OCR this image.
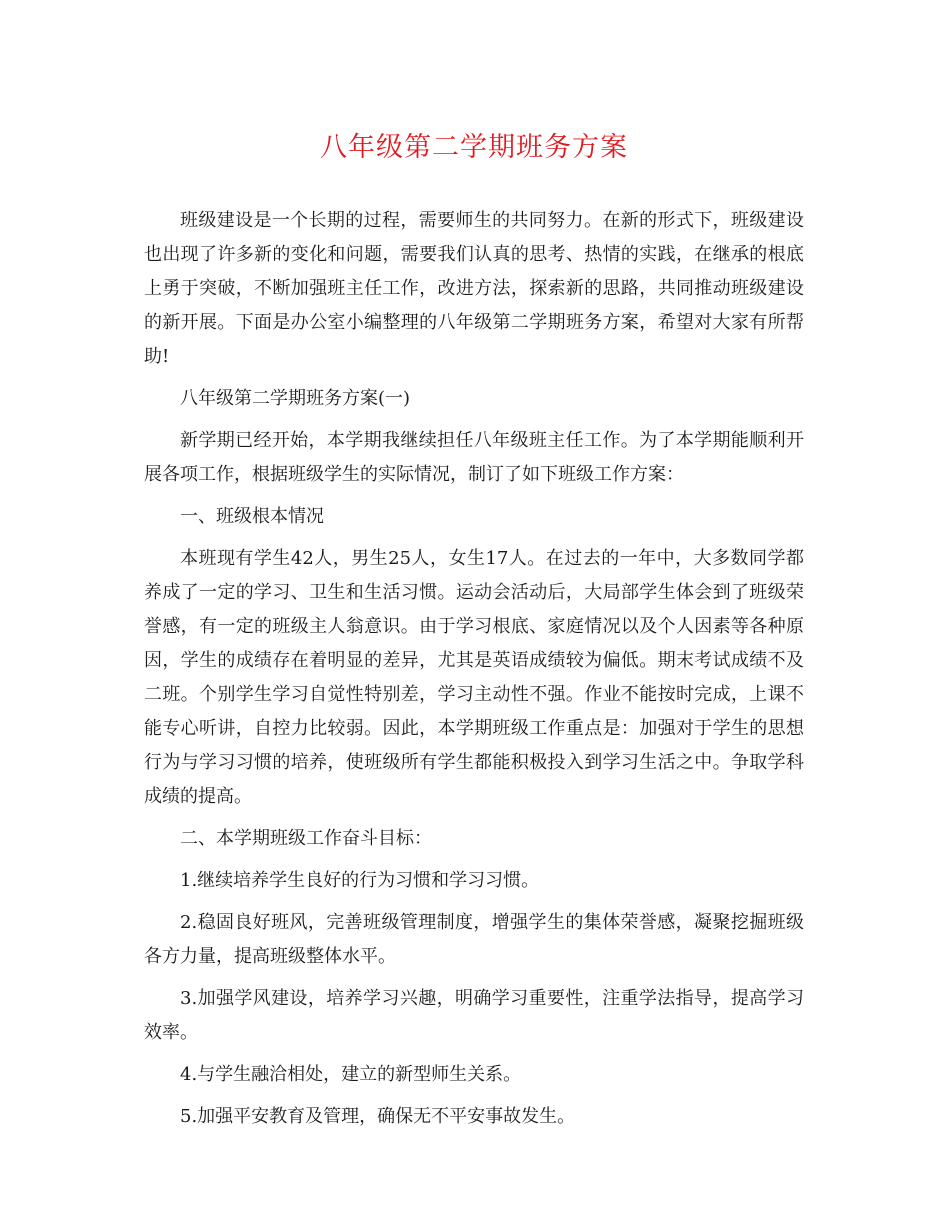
八年级第二学期班务方案

班级建设是一个长期的过程，需要师生的共同努力。在新的形式下，班级建设也出现了许多新的变化和问题，需要我们认真的思考、热情的实践，在继承的根底上勇于突破，不断加强班主任工作，改进方法，探索新的思路，共同推动班级建设的新开展。下面是办公室小编整理的八年级第二学期班务方案，希望对大家有所帮助!

八年级第二学期班务方案(一)

新学期已经开始，本学期我继续担任八年级班主任工作。为了本学期能顺利开展各项工作，根据班级学生的实际情况，制订了如下班级工作方案：

一、班级根本情况

本班现有学生42人，男生25人，女生17人。在过去的一年中，大多数同学都养成了一定的学习、卫生和生活习惯。运动会活动后，大局部学生体会到了班级荣誉感，有一定的班级主人翁意识。由于学习根底、家庭情况以及个人因素等各种原因，学生的成绩存在着明显的差异，尤其是英语成绩较为偏低。期末考试成绩不及二班。个别学生学习自觉性特别差，学习主动性不强。作业不能按时完成，上课不能专心听讲，自控力比较弱。因此，本学期班级工作重点是：加强对于学生的思想行为与学习习惯的培养，使班级所有学生都能积极投入到学习生活之中。争取学科成绩的提高。

二、本学期班级工作奋斗目标：

1.继续培养学生良好的行为习惯和学习习惯。

2.稳固良好班风，完善班级管理制度，增强学生的集体荣誉感，凝聚挖掘班级各方力量，提高班级整体水平。

3.加强学风建设，培养学习兴趣，明确学习重要性，注重学法指导，提高学习效率。

4.与学生融洽相处，建立的新型师生关系。

5.加强平安教育及管理，确保无不平安事故发生。
